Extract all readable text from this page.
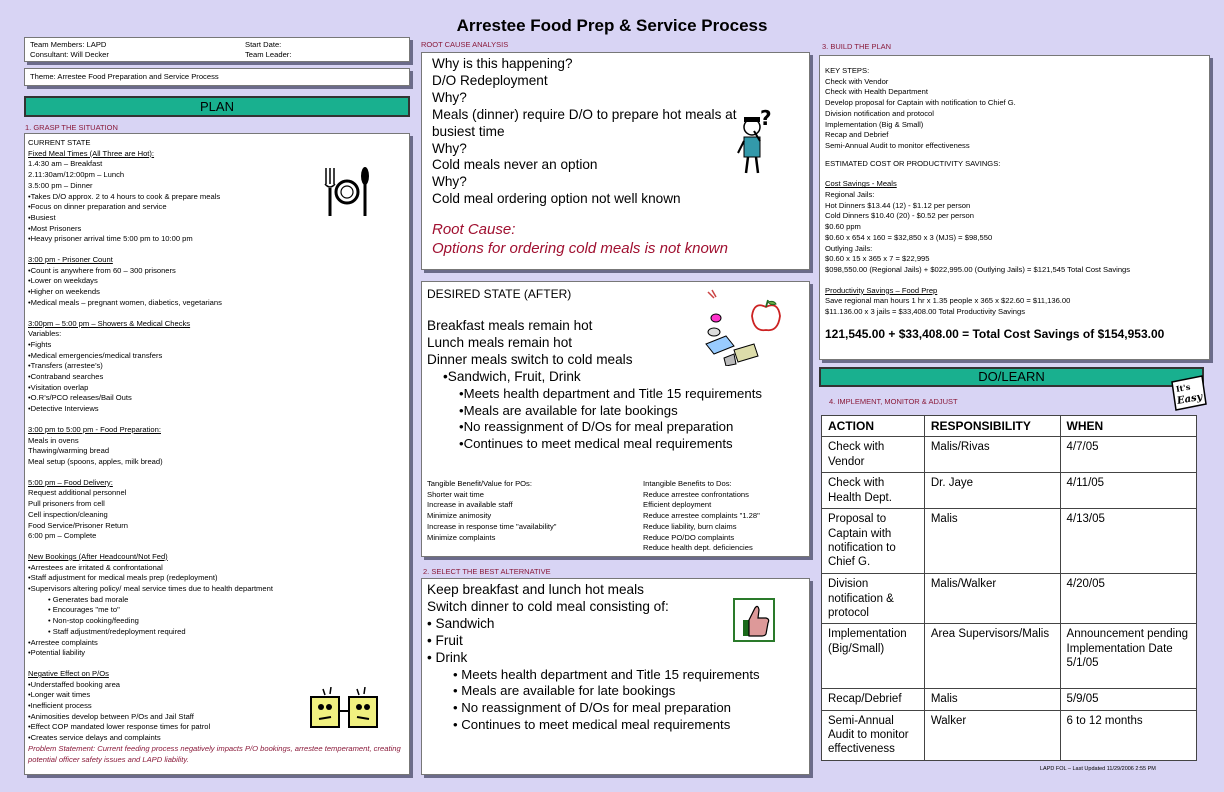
Arrestee Food Prep & Service Process
Team Members: LAPD
Consultant: Will Decker
Start Date:
Team Leader:
Theme: Arrestee Food Preparation and Service Process
PLAN
1. GRASP THE SITUATION

CURRENT STATE

Fixed Meal Times (All Three are Hot):

1.4:30 am – Breakfast
2.11:30am/12:00pm – Lunch
3.5:00 pm – Dinner
•Takes D/O approx. 2 to 4 hours to cook & prepare meals
•Focus on dinner preparation and service
•Busiest
•Most Prisoners
•Heavy prisoner arrival time 5:00 pm to 10:00 pm

3:00 pm - Prisoner Count

•Count is anywhere from 60 – 300 prisoners
•Lower on weekdays
•Higher on weekends
•Medical meals – pregnant women, diabetics, vegetarians

3:00pm – 5:00 pm – Showers & Medical Checks

Variables:
•Fights
•Medical emergencies/medical transfers
•Transfers (arrestee’s)
•Contraband searches
•Visitation overlap
•O.R’s/PCO releases/Bail Outs
•Detective Interviews

3:00 pm to 5:00 pm - Food Preparation:

Meals in ovens
Thawing/warming bread
Meal setup (spoons, apples, milk bread)

5:00 pm – Food Delivery:

Request additional personnel
Pull prisoners from cell
Cell inspection/cleaning
Food Service/Prisoner Return
6:00 pm – Complete

New Bookings (After Headcount/Not Fed)

•Arrestees are irritated & confrontational
•Staff adjustment for medical meals prep (redeployment)
•Supervisors altering policy/ meal service times due to health department
• Generates bad morale
• Encourages "me to"
• Non-stop cooking/feeding
• Staff adjustment/redeployment required
•Arrestee complaints
•Potential liability

Negative Effect on P/Os

•Understaffed booking area
•Longer wait times
•Inefficient process
•Animosities develop between P/Os and Jail Staff
•Effect COP mandated lower response times for patrol
•Creates service delays and complaints
Problem Statement: Current feeding process negatively impacts P/O bookings, arrestee temperament, creating potential officer safety issues and LAPD liability.
ROOT CAUSE ANALYSIS
Why is this happening?
D/O Redeployment
Why?
Meals (dinner) require D/O to prepare hot meals at busiest time
Why?
Cold meals never an option
Why?
Cold meal ordering option not well known
Root Cause:
Options for ordering cold meals is not known
?
DESIRED STATE (AFTER)
Breakfast meals remain hot
Lunch meals remain hot
Dinner meals switch to cold meals
•Sandwich, Fruit, Drink
•Meets health department and Title 15 requirements
•Meals are available for late bookings
•No reassignment of D/Os for meal preparation
•Continues to meet medical meal requirements
Tangible Benefit/Value for POs:
Shorter wait time
Increase in available staff
Minimize animosity
Increase in response time "availability"
Minimize complaints
Intangible Benefits to Dos:
Reduce arrestee confrontations
Efficient deployment
Reduce arrestee complaints "1.28"
Reduce liability, burn claims
Reduce PO/DO complaints
Reduce health dept. deficiencies
2. SELECT THE BEST ALTERNATIVE
Keep breakfast and lunch hot meals
Switch dinner to cold meal consisting of:
• Sandwich
• Fruit
• Drink
• Meets health department and Title 15 requirements
• Meals are available for late bookings
• No reassignment of D/Os for meal preparation
• Continues to meet medical meal requirements
3. BUILD THE PLAN
KEY STEPS:
Check with Vendor
Check with Health Department
Develop proposal for Captain with notification to Chief G.
Division notification and protocol
Implementation (Big & Small)
Recap and Debrief
Semi-Annual Audit to monitor effectiveness
ESTIMATED COST OR PRODUCTIVITY SAVINGS:
Cost Savings - Meals
Regional Jails:
Hot Dinners $13.44 (12) - $1.12 per person
Cold Dinners $10.40 (20) - $0.52 per person
$0.60 ppm
$0.60 x 654 x 160 = $32,850 x 3 (MJS) = $98,550
Outlying Jails:
$0.60 x 15 x 365 x 7 = $22,995
$098,550.00 (Regional Jails) + $022,995.00 (Outlying Jails) = $121,545 Total Cost Savings
Productivity Savings – Food Prep
Save regional man hours 1 hr x 1.35 people x 365 x $22.60 = $11,136.00
$11.136.00 x 3 jails = $33,408.00 Total Productivity Savings
121,545.00 + $33,408.00 = Total Cost Savings of $154,953.00
DO/LEARN
It's
Easy
4. IMPLEMENT, MONITOR & ADJUST
ACTION	RESPONSIBILITY	WHEN
Check with Vendor	Malis/Rivas	4/7/05
Check with Health Dept.	Dr. Jaye	4/11/05
Proposal to Captain with notification to Chief G.	Malis	4/13/05
Division notification & protocol	Malis/Walker	4/20/05
Implementation (Big/Small)	Area Supervisors/Malis	Announcement pending
Implementation Date 5/1/05
Recap/Debrief	Malis	5/9/05
Semi-Annual Audit to monitor effectiveness	Walker	6 to 12 months
LAPD FOL – Last Updated 11/29/2006 2:55 PM
